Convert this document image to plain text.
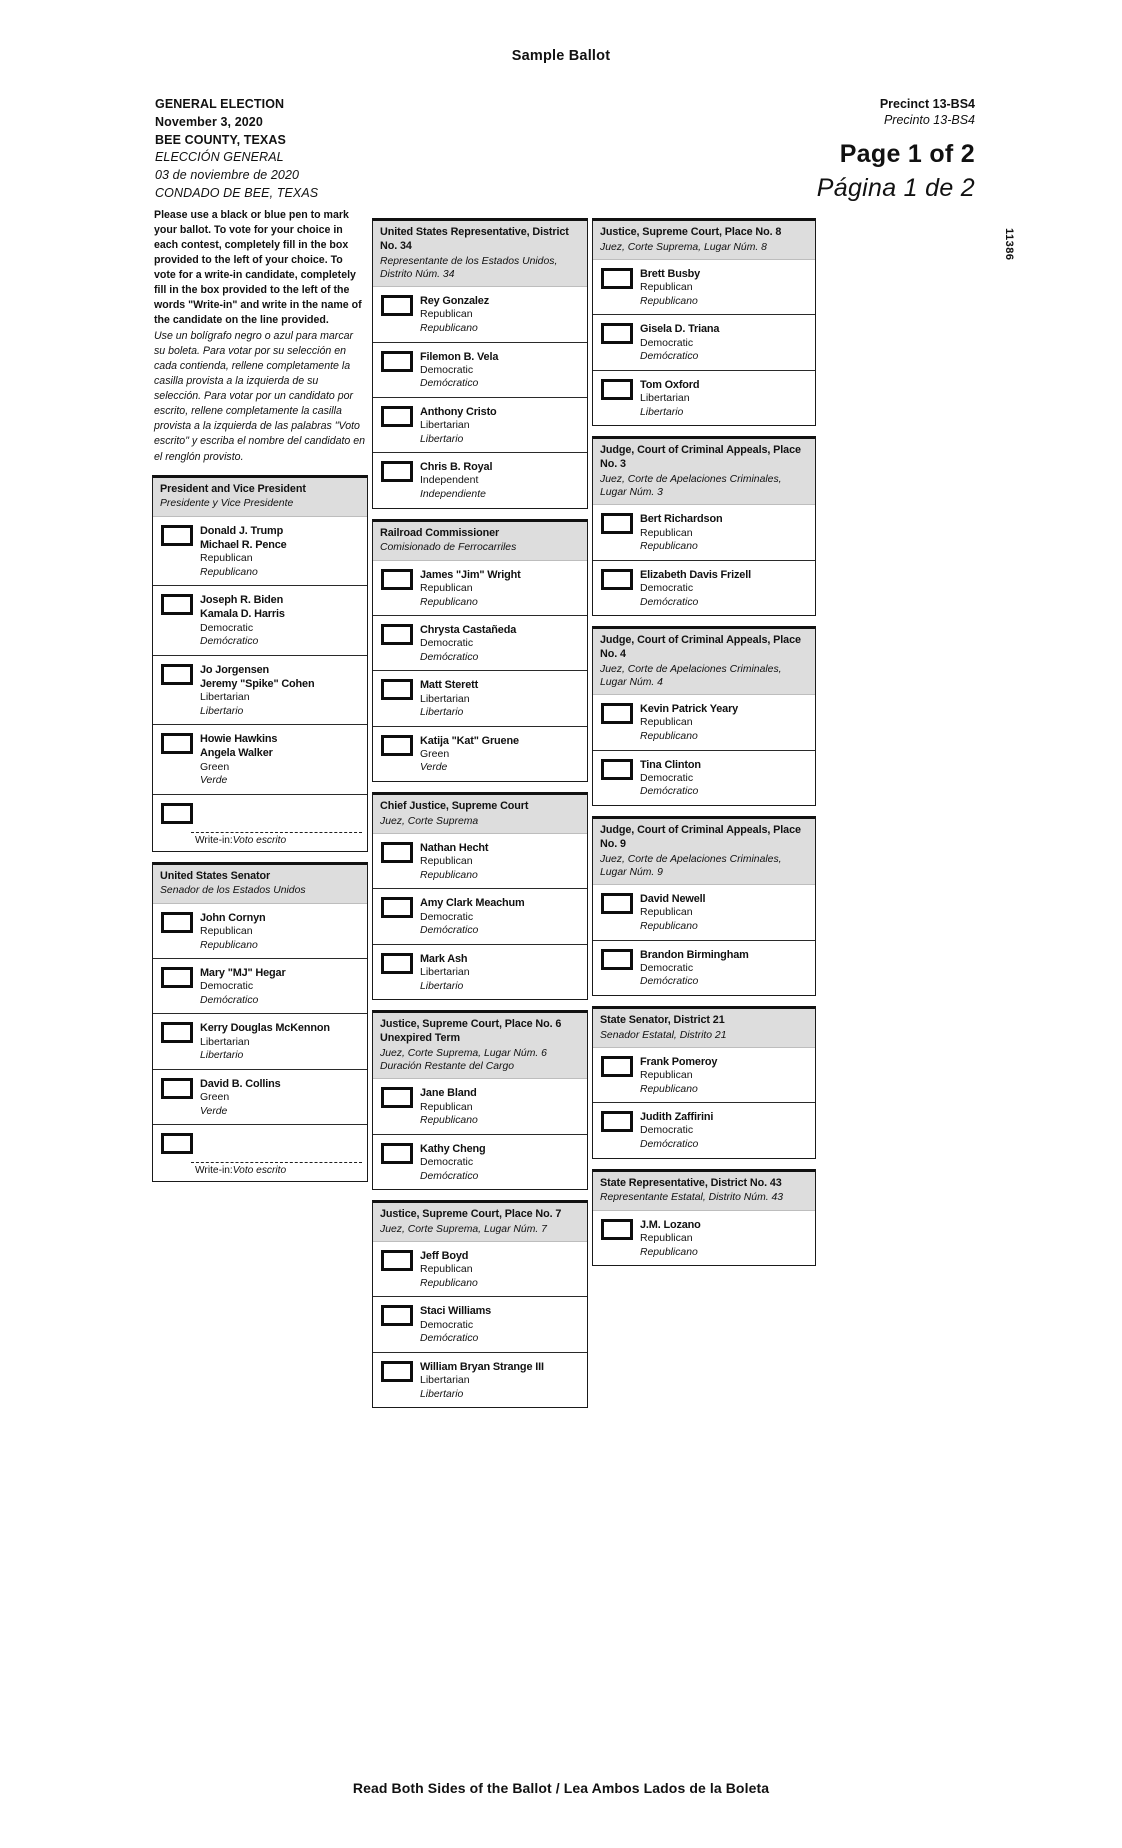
Sample Ballot
GENERAL ELECTION
November 3, 2020
BEE COUNTY, TEXAS
ELECCIÓN GENERAL
03 de noviembre de 2020
CONDADO DE BEE, TEXAS
Precinct 13-BS4
Precinto 13-BS4
Page 1 of 2
Página 1 de 2
11386
Please use a black or blue pen to mark your ballot. To vote for your choice in each contest, completely fill in the box provided to the left of your choice. To vote for a write-in candidate, completely fill in the box provided to the left of the words "Write-in" and write in the name of the candidate on the line provided.
Use un bolígrafo negro o azul para marcar su boleta. Para votar por su selección en cada contienda, rellene completamente la casilla provista a la izquierda de su selección. Para votar por un candidato por escrito, rellene completamente la casilla provista a la izquierda de las palabras "Voto escrito" y escriba el nombre del candidato en el renglón provisto.
President and Vice President
Presidente y Vice Presidente
Donald J. Trump
Michael R. Pence
Republican
Republicano
Joseph R. Biden
Kamala D. Harris
Democratic
Demócratico
Jo Jorgensen
Jeremy "Spike" Cohen
Libertarian
Libertario
Howie Hawkins
Angela Walker
Green
Verde
Write-in:Voto escrito
United States Senator
Senador de los Estados Unidos
John Cornyn
Republican
Republicano
Mary "MJ" Hegar
Democratic
Demócratico
Kerry Douglas McKennon
Libertarian
Libertario
David B. Collins
Green
Verde
Write-in:Voto escrito
United States Representative, District No. 34
Representante de los Estados Unidos, Distrito Núm. 34
Rey Gonzalez
Republican
Republicano
Filemon B. Vela
Democratic
Demócratico
Anthony Cristo
Libertarian
Libertario
Chris B. Royal
Independent
Independiente
Railroad Commissioner
Comisionado de Ferrocarriles
James "Jim" Wright
Republican
Republicano
Chrysta Castañeda
Democratic
Demócratico
Matt Sterett
Libertarian
Libertario
Katija "Kat" Gruene
Green
Verde
Chief Justice, Supreme Court
Juez, Corte Suprema
Nathan Hecht
Republican
Republicano
Amy Clark Meachum
Democratic
Demócratico
Mark Ash
Libertarian
Libertario
Justice, Supreme Court, Place No. 6 Unexpired Term
Juez, Corte Suprema, Lugar Núm. 6 Duración Restante del Cargo
Jane Bland
Republican
Republicano
Kathy Cheng
Democratic
Demócratico
Justice, Supreme Court, Place No. 7
Juez, Corte Suprema, Lugar Núm. 7
Jeff Boyd
Republican
Republicano
Staci Williams
Democratic
Demócratico
William Bryan Strange III
Libertarian
Libertario
Justice, Supreme Court, Place No. 8
Juez, Corte Suprema, Lugar Núm. 8
Brett Busby
Republican
Republicano
Gisela D. Triana
Democratic
Demócratico
Tom Oxford
Libertarian
Libertario
Judge, Court of Criminal Appeals, Place No. 3
Juez, Corte de Apelaciones Criminales, Lugar Núm. 3
Bert Richardson
Republican
Republicano
Elizabeth Davis Frizell
Democratic
Demócratico
Judge, Court of Criminal Appeals, Place No. 4
Juez, Corte de Apelaciones Criminales, Lugar Núm. 4
Kevin Patrick Yeary
Republican
Republicano
Tina Clinton
Democratic
Demócratico
Judge, Court of Criminal Appeals, Place No. 9
Juez, Corte de Apelaciones Criminales, Lugar Núm. 9
David Newell
Republican
Republicano
Brandon Birmingham
Democratic
Demócratico
State Senator, District 21
Senador Estatal, Distrito 21
Frank Pomeroy
Republican
Republicano
Judith Zaffirini
Democratic
Demócratico
State Representative, District No. 43
Representante Estatal, Distrito Núm. 43
J.M. Lozano
Republican
Republicano
Read Both Sides of the Ballot / Lea Ambos Lados de la Boleta
